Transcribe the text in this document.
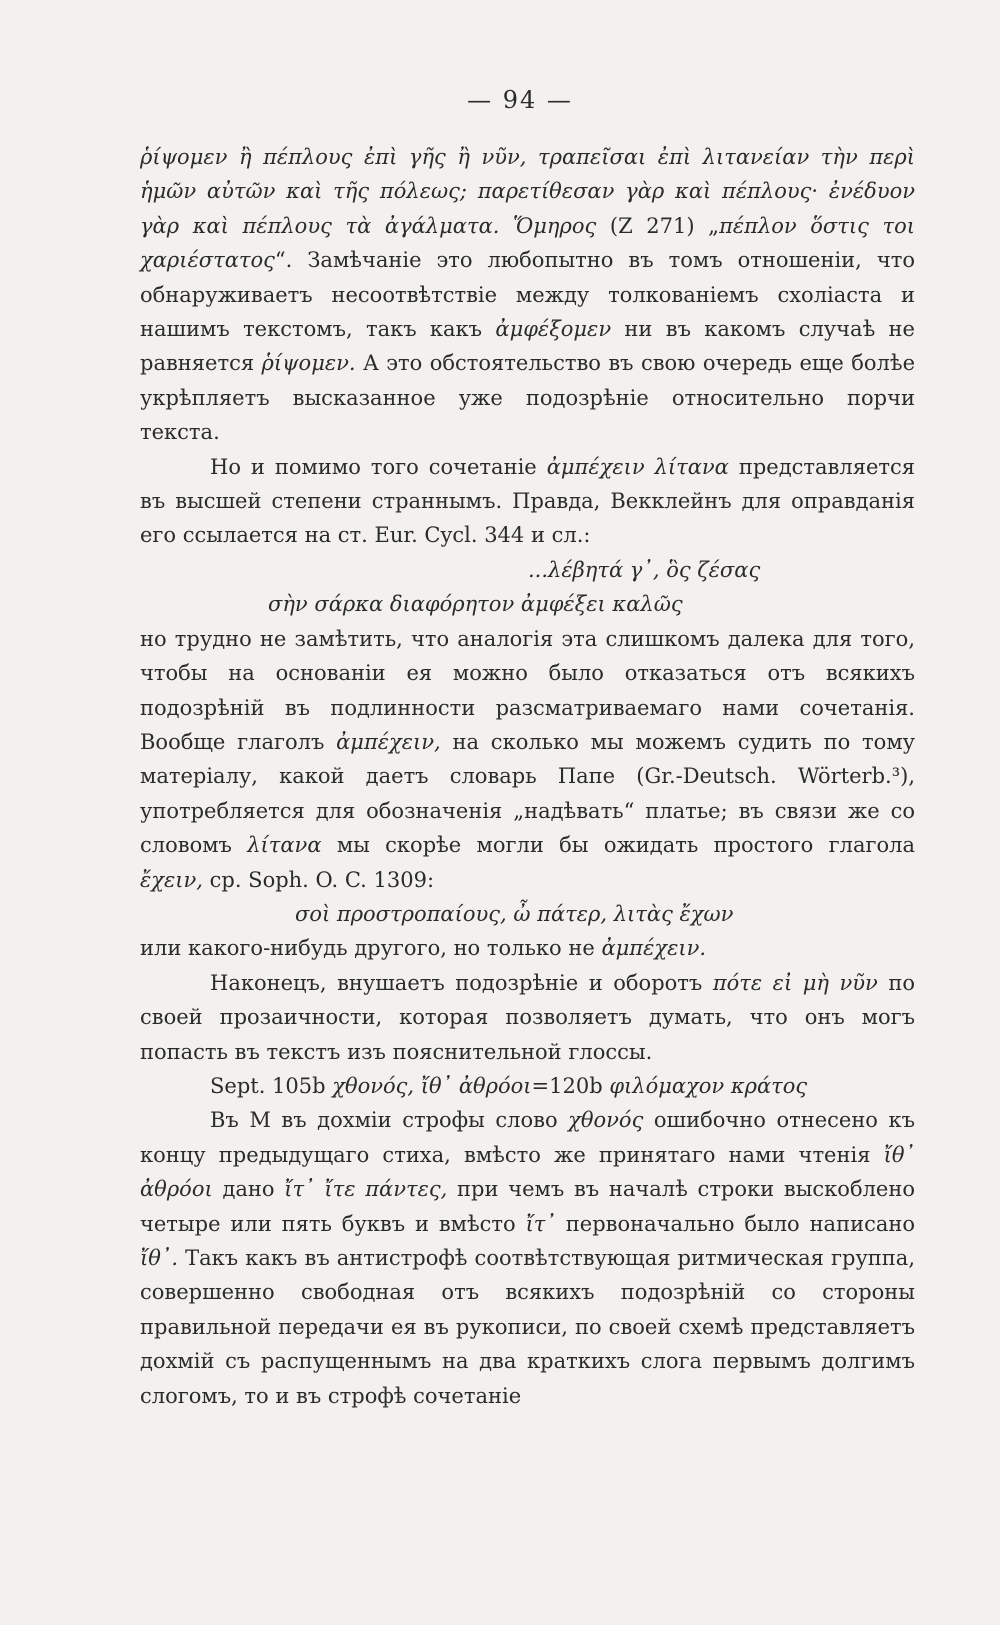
— 94 —

ῥίψομεν ἢ πέπλους ἐπὶ γῆς ἢ νῦν, τραπεῖσαι ἐπὶ λιτανείαν τὴν περὶ ἡμῶν αὐτῶν καὶ τῆς πόλεως; παρετίθεσαν γὰρ καὶ πέπλους· ἐνέδυον γὰρ καὶ πέπλους τὰ ἀγάλματα. Ὅμηρος (Z 271) „πέπλον ὅστις τοι χαριέστατος“. Замѣчаніе это любопытно въ томъ отношеніи, что обнаруживаетъ несоотвѣтствіе между толкованіемъ схоліаста и нашимъ текстомъ, такъ какъ ἀμφέξομεν ни въ какомъ случаѣ не равняется ῥίψομεν. А это обстоятельство въ свою очередь еще болѣе укрѣпляетъ высказанное уже подозрѣніе относительно порчи текста.

Но и помимо того сочетаніе ἀμπέχειν λίτανα представляется въ высшей степени страннымъ. Правда, Векклейнъ для оправданія его ссылается на ст. Eur. Cycl. 344 и сл.:

...λέβητά γ᾽, ὃς ζέσας

σὴν σάρκα διαφόρητον ἀμφέξει καλῶς

но трудно не замѣтить, что аналогія эта слишкомъ далека для того, чтобы на основаніи ея можно было отказаться отъ всякихъ подозрѣній въ подлинности разсматриваемаго нами сочетанія. Вообще глаголъ ἀμπέχειν, на сколько мы можемъ судить по тому матеріалу, какой даетъ словарь Папе (Gr.-Deutsch. Wörterb.³), употребляется для обозначенія „надѣвать“ платье; въ связи же со словомъ λίτανα мы скорѣе могли бы ожидать простого глагола ἔχειν, ср. Soph. O. C. 1309:

σοὶ προστροπαίους, ὦ πάτερ, λιτὰς ἔχων

или какого-нибудь другого, но только не ἀμπέχειν.

Наконецъ, внушаетъ подозрѣніе и оборотъ πότε εἰ μὴ νῦν по своей прозаичности, которая позволяетъ думать, что онъ могъ попасть въ текстъ изъ пояснительной глоссы.

Sept. 105b χθονός, ἴθ᾽ ἀθρόοι=120b φιλόμαχον κράτος

Въ M въ дохміи строфы слово χθονός ошибочно отнесено къ концу предыдущаго стиха, вмѣсто же принятаго нами чтенія ἴθ᾽ ἀθρόοι дано ἴτ᾽ ἴτε πάντες, при чемъ въ началѣ строки выскоблено четыре или пять буквъ и вмѣсто ἴτ᾽ первоначально было написано ἴθ᾽. Такъ какъ въ антистрофѣ соотвѣтствующая ритмическая группа, совершенно свободная отъ всякихъ подозрѣній со стороны правильной передачи ея въ рукописи, по своей схемѣ представляетъ дохмій съ распущеннымъ на два краткихъ слога первымъ долгимъ слогомъ, то и въ строфѣ сочетаніе
